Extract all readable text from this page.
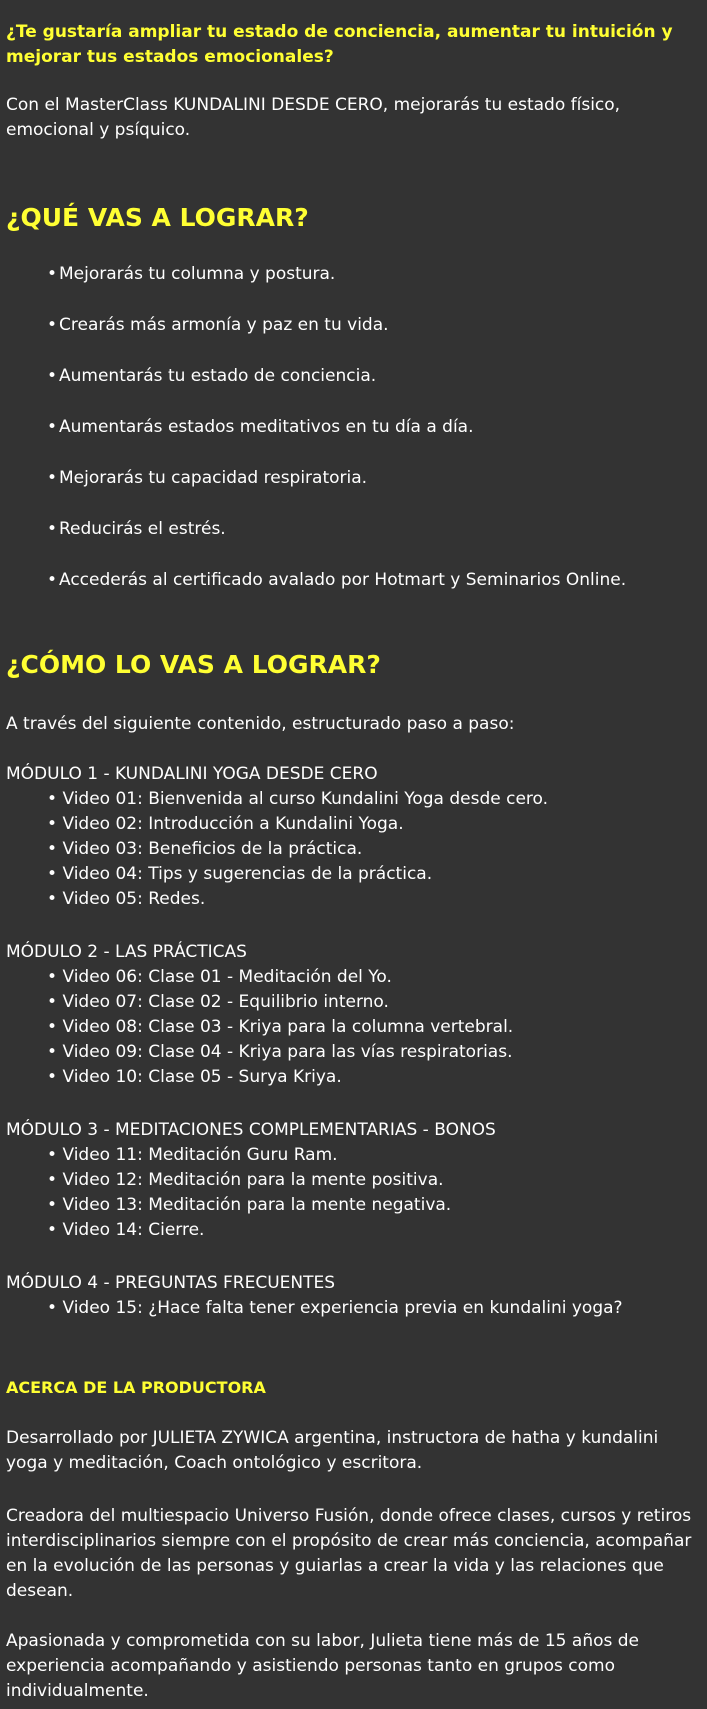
¿Te gustaría ampliar tu estado de conciencia, aumentar tu intuición y mejorar tus estados emocionales?

Con el MasterClass KUNDALINI DESDE CERO, mejorarás tu estado físico, emocional y psíquico.

¿QUÉ VAS A LOGRAR?
• Mejorarás tu columna y postura.
• Crearás más armonía y paz en tu vida.
• Aumentarás tu estado de conciencia.
• Aumentarás estados meditativos en tu día a día.
• Mejorarás tu capacidad respiratoria.
• Reducirás el estrés.
• Accederás al certificado avalado por Hotmart y Seminarios Online.
¿CÓMO LO VAS A LOGRAR?

A través del siguiente contenido, estructurado paso a paso:

MÓDULO 1 - KUNDALINI YOGA DESDE CERO

• Video 01: Bienvenida al curso Kundalini Yoga desde cero.
• Video 02: Introducción a Kundalini Yoga.
• Video 03: Beneficios de la práctica.
• Video 04: Tips y sugerencias de la práctica.
• Video 05: Redes.

MÓDULO 2 - LAS PRÁCTICAS

• Video 06: Clase 01 - Meditación del Yo.
• Video 07: Clase 02 - Equilibrio interno.
• Video 08: Clase 03 - Kriya para la columna vertebral.
• Video 09: Clase 04 - Kriya para las vías respiratorias.
• Video 10: Clase 05 - Surya Kriya.

MÓDULO 3 - MEDITACIONES COMPLEMENTARIAS - BONOS

• Video 11: Meditación Guru Ram.
• Video 12: Meditación para la mente positiva.
• Video 13: Meditación para la mente negativa.
• Video 14: Cierre.

MÓDULO 4 - PREGUNTAS FRECUENTES

• Video 15: ¿Hace falta tener experiencia previa en kundalini yoga?
ACERCA DE LA PRODUCTORA

Desarrollado por JULIETA ZYWICA argentina, instructora de hatha y kundalini yoga y meditación, Coach ontológico y escritora.

Creadora del multiespacio Universo Fusión, donde ofrece clases, cursos y retiros interdisciplinarios siempre con el propósito de crear más conciencia, acompañar en la evolución de las personas y guiarlas a crear la vida y las relaciones que desean.

Apasionada y comprometida con su labor, Julieta tiene más de 15 años de experiencia acompañando y asistiendo personas tanto en grupos como individualmente.
